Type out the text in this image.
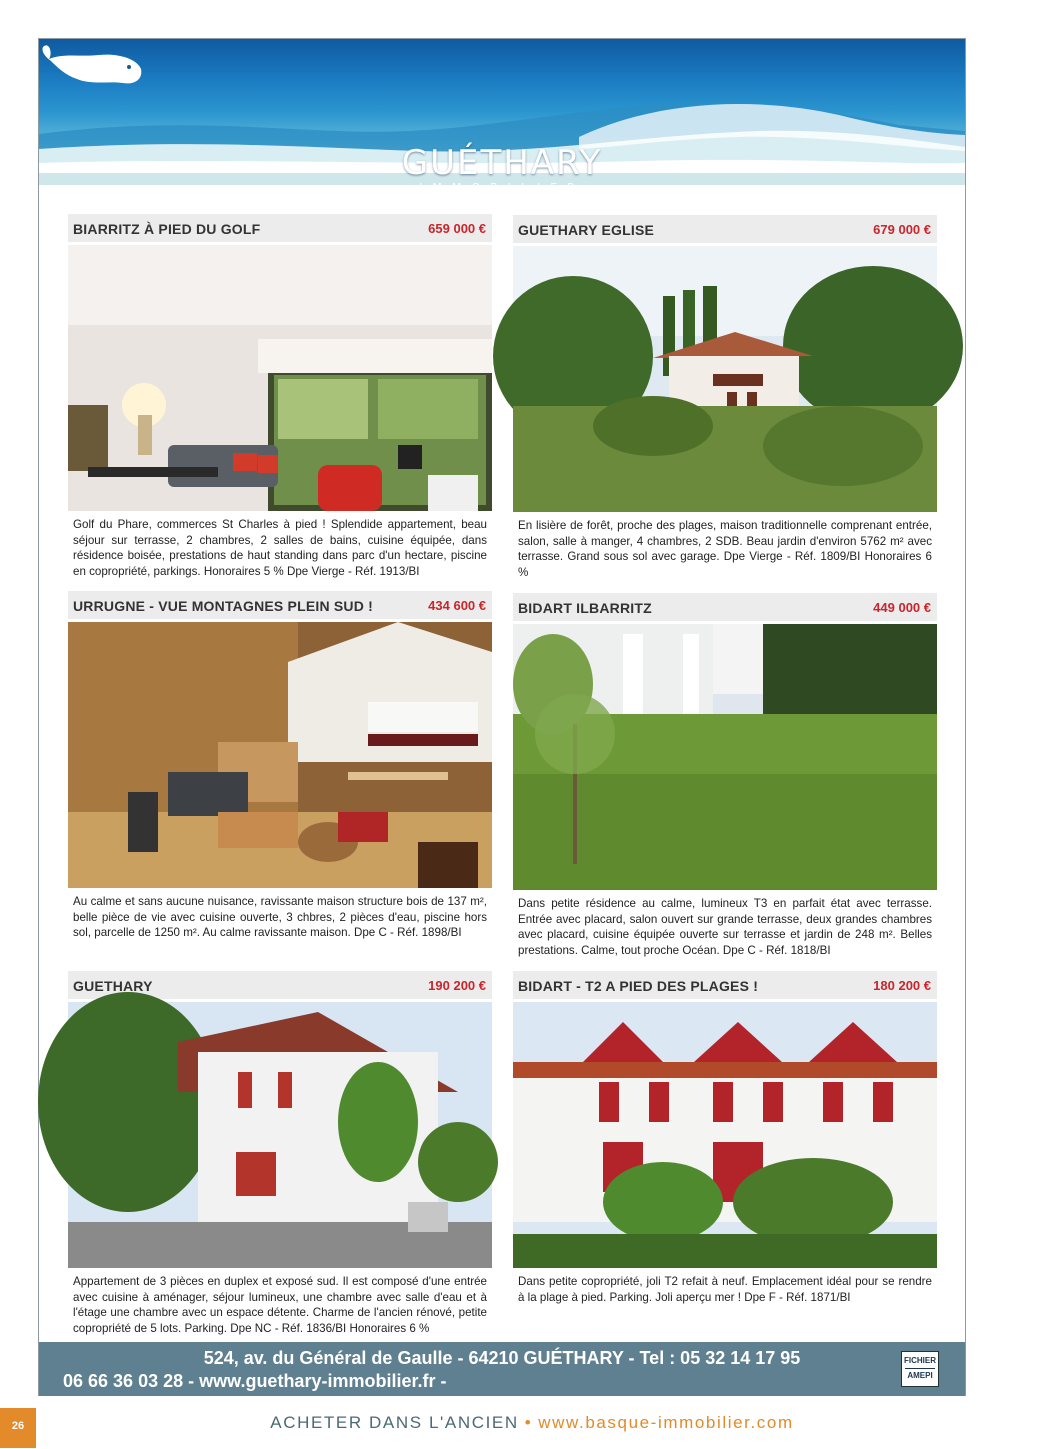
GUÉTHARY
IMMOBILIER
BIARRITZ À PIED DU GOLF	659 000 €
Golf du Phare, commerces St Charles à pied ! Splendide appartement, beau séjour sur terrasse, 2 chambres, 2 salles de bains, cuisine équipée, dans résidence boisée, prestations de haut standing dans parc d'un hectare, piscine en copropriété, parkings. Honoraires 5 % Dpe Vierge - Réf. 1913/BI
GUETHARY EGLISE	679 000 €
En lisière de forêt, proche des plages, maison traditionnelle comprenant entrée, salon, salle à manger, 4 chambres, 2 SDB. Beau jardin d'environ 5762 m² avec terrasse. Grand sous sol avec garage. Dpe Vierge - Réf. 1809/BI Honoraires 6 %
URRUGNE - VUE MONTAGNES PLEIN SUD !	434 600 €
Au calme et sans aucune nuisance, ravissante maison structure bois de 137 m², belle pièce de vie avec cuisine ouverte, 3 chbres, 2 pièces d'eau, piscine hors sol, parcelle de 1250 m². Au calme ravissante maison. Dpe C - Réf. 1898/BI
BIDART ILBARRITZ	449 000 €
Dans petite résidence au calme, lumineux T3 en parfait état avec terrasse. Entrée avec placard, salon ouvert sur grande terrasse, deux grandes chambres avec placard, cuisine équipée ouverte sur terrasse et jardin de 248 m². Belles prestations. Calme, tout proche Océan. Dpe C - Réf. 1818/BI
GUETHARY	190 200 €
Appartement de 3 pièces en duplex et exposé sud. Il est composé d'une entrée avec cuisine à aménager, séjour lumineux, une chambre avec salle d'eau et à l'étage une chambre avec un espace détente. Charme de l'ancien rénové, petite copropriété de 5 lots. Parking. Dpe NC - Réf. 1836/BI Honoraires 6 %
BIDART - T2 A PIED DES PLAGES !	180 200 €
Dans petite copropriété, joli T2 refait à neuf. Emplacement idéal pour se rendre à la plage à pied. Parking. Joli aperçu mer ! Dpe F - Réf. 1871/BI
524, av. du Général de Gaulle - 64210 GUÉTHARY - Tel : 05 32 14 17 95
06 66 36 03 28 - www.guethary-immobilier.fr -
FICHIER
AMEPI
26	ACHETER DANS L'ANCIEN • www.basque-immobilier.com
